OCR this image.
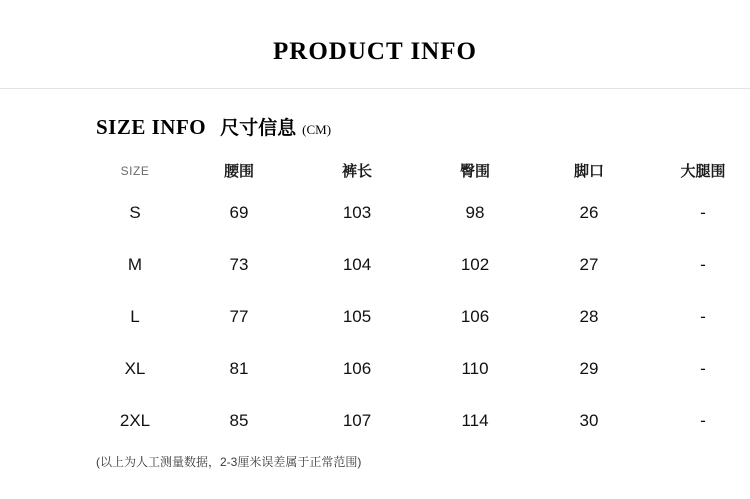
PRODUCT INFO
SIZE INFO 尺寸信息 (CM)
SIZE	腰围	裤长	臀围	脚口	大腿围
S	69	103	98	26	-
M	73	104	102	27	-
L	77	105	106	28	-
XL	81	106	110	29	-
2XL	85	107	114	30	-
(以上为人工测量数据，2-3厘米误差属于正常范围)
